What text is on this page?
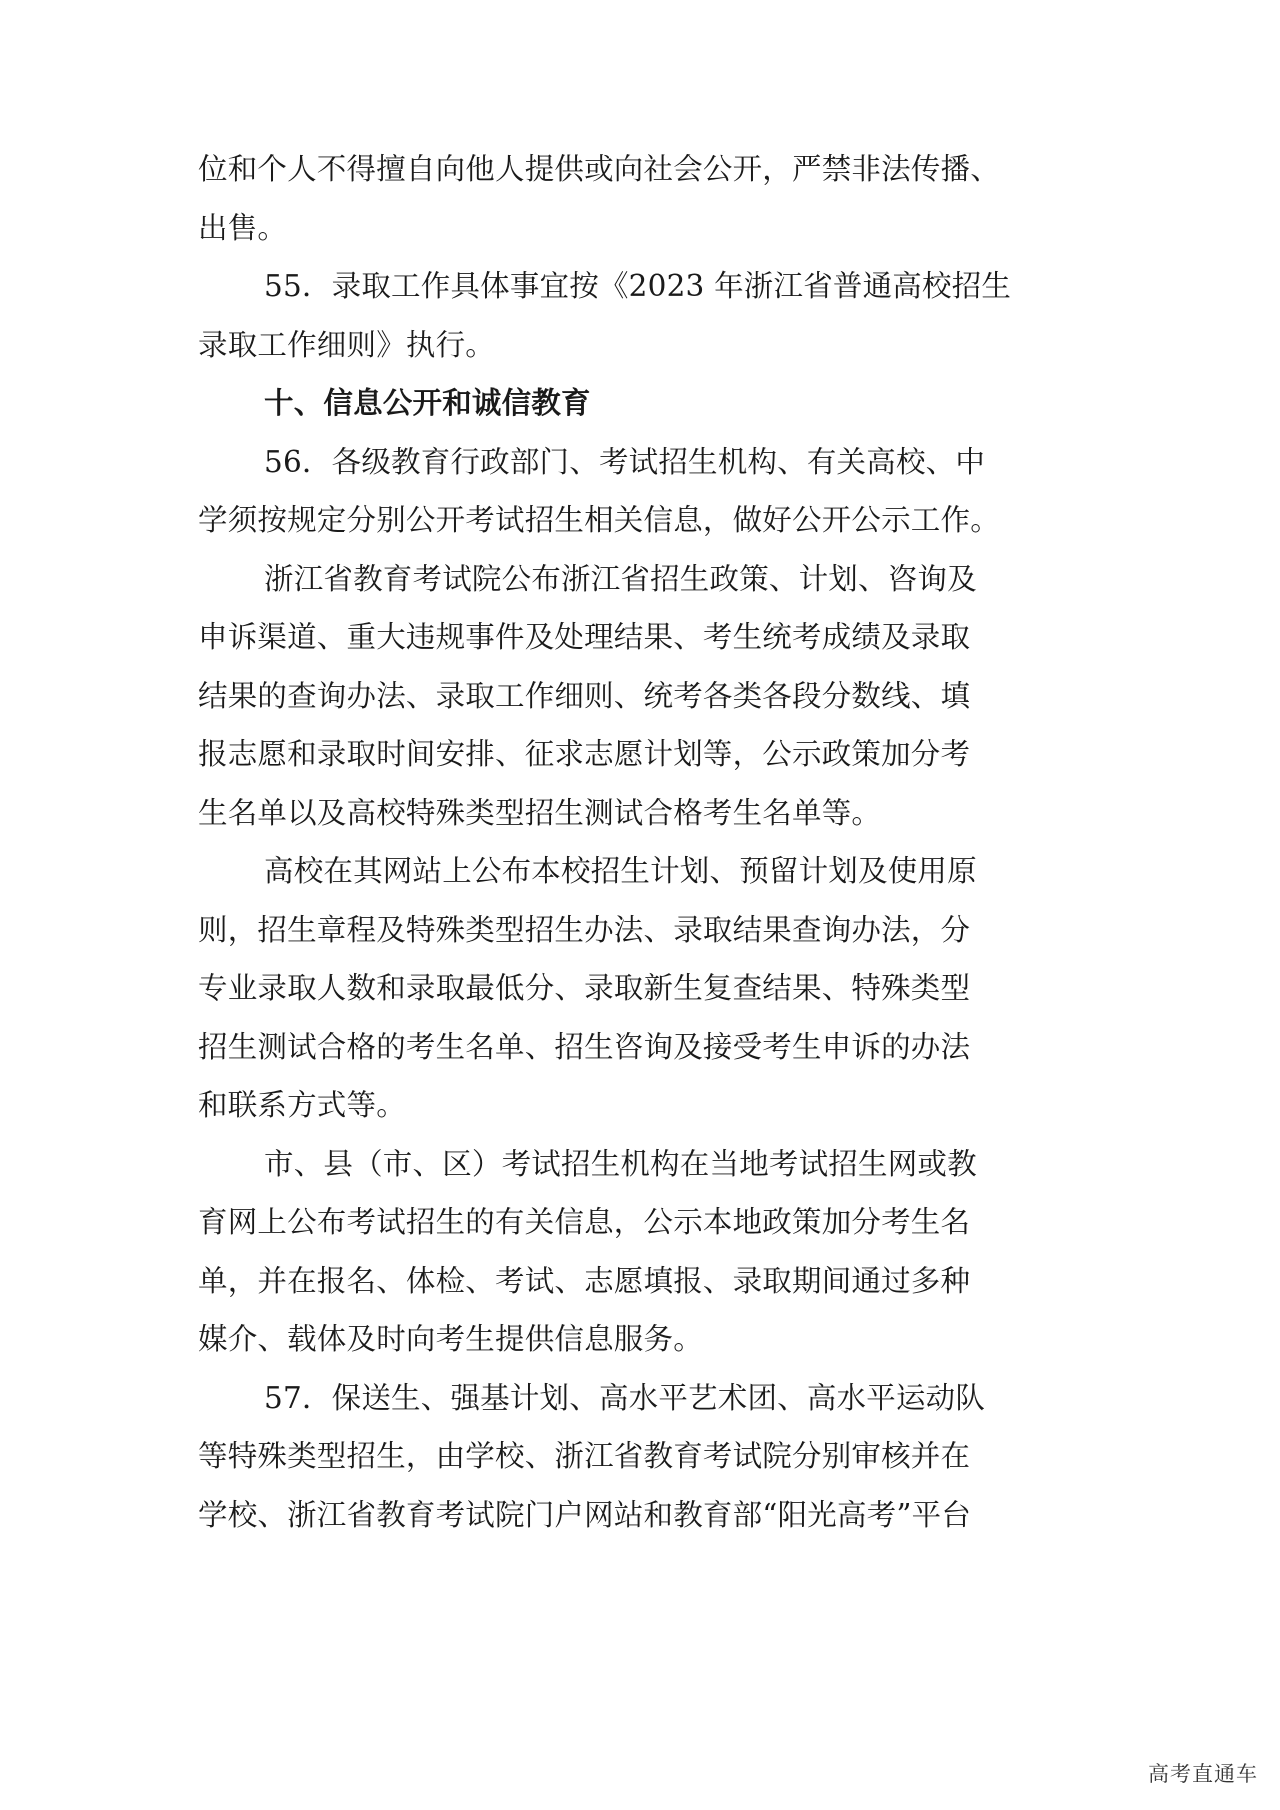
位和个人不得擅自向他人提供或向社会公开，严禁非法传播、
出售。
55．录取工作具体事宜按《2023 年浙江省普通高校招生
录取工作细则》执行。
十、信息公开和诚信教育
56．各级教育行政部门、考试招生机构、有关高校、中
学须按规定分别公开考试招生相关信息，做好公开公示工作。
浙江省教育考试院公布浙江省招生政策、计划、咨询及
申诉渠道、重大违规事件及处理结果、考生统考成绩及录取
结果的查询办法、录取工作细则、统考各类各段分数线、填
报志愿和录取时间安排、征求志愿计划等，公示政策加分考
生名单以及高校特殊类型招生测试合格考生名单等。
高校在其网站上公布本校招生计划、预留计划及使用原
则，招生章程及特殊类型招生办法、录取结果查询办法，分
专业录取人数和录取最低分、录取新生复查结果、特殊类型
招生测试合格的考生名单、招生咨询及接受考生申诉的办法
和联系方式等。
市、县（市、区）考试招生机构在当地考试招生网或教
育网上公布考试招生的有关信息，公示本地政策加分考生名
单，并在报名、体检、考试、志愿填报、录取期间通过多种
媒介、载体及时向考生提供信息服务。
57．保送生、强基计划、高水平艺术团、高水平运动队
等特殊类型招生，由学校、浙江省教育考试院分别审核并在
学校、浙江省教育考试院门户网站和教育部“阳光高考”平台
高考直通车
